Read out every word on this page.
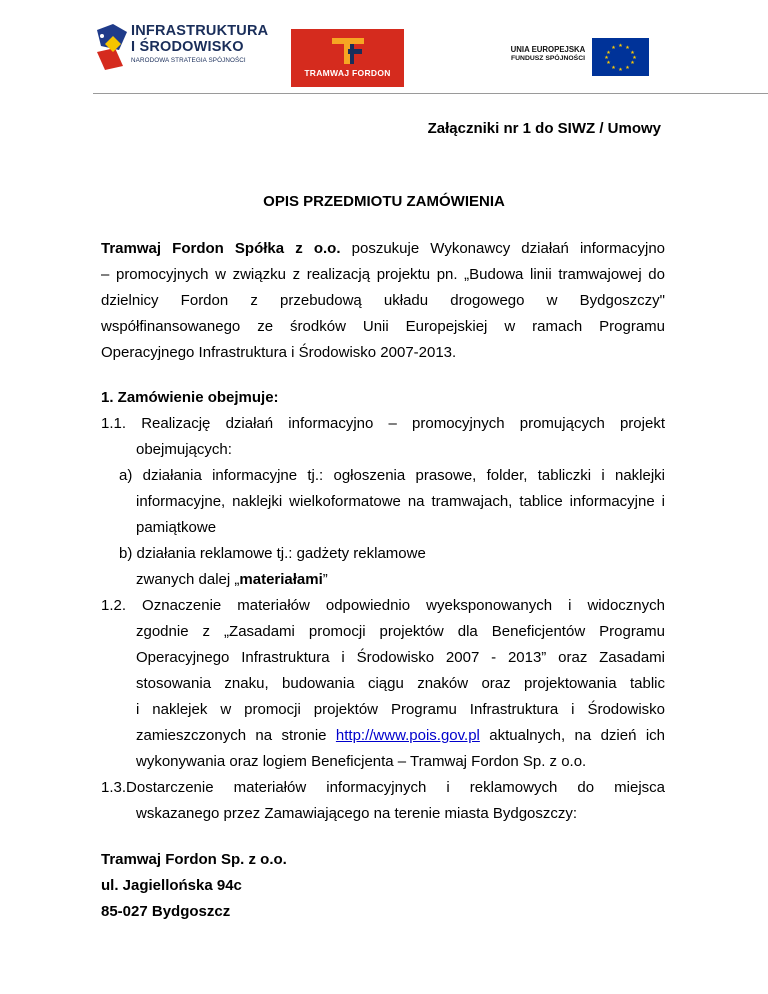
INFRASTRUKTURA
I ŚRODOWISKO
NARODOWA STRATEGIA SPÓJNOŚCI
TRAMWAJ FORDON
UNIA EUROPEJSKA
FUNDUSZ SPÓJNOŚCI
★ ★
★
★
★
★
★
★
★
★
★
★
Załączniki nr 1 do SIWZ / Umowy
OPIS PRZEDMIOTU ZAMÓWIENIA
Tramwaj Fordon Spółka z o.o. poszukuje Wykonawcy działań informacyjno
– promocyjnych w związku z realizacją projektu pn. „Budowa linii tramwajowej do
dzielnicy Fordon z przebudową układu drogowego w Bydgoszczy"
współfinansowanego ze środków Unii Europejskiej w ramach Programu
Operacyjnego Infrastruktura i Środowisko 2007-2013.
1. Zamówienie obejmuje:
1.1. Realizację działań informacyjno – promocyjnych promujących projekt
obejmujących:
a) działania informacyjne tj.: ogłoszenia prasowe, folder, tabliczki i naklejki
informacyjne, naklejki wielkoformatowe na tramwajach, tablice informacyjne i
pamiątkowe
b) działania reklamowe tj.: gadżety reklamowe
zwanych dalej „materiałami”
1.2. Oznaczenie materiałów odpowiednio wyeksponowanych i widocznych
zgodnie z „Zasadami promocji projektów dla Beneficjentów Programu
Operacyjnego Infrastruktura i Środowisko 2007 - 2013” oraz Zasadami
stosowania znaku, budowania ciągu znaków oraz projektowania tablic
i naklejek w promocji projektów Programu Infrastruktura i Środowisko
zamieszczonych na stronie http://www.pois.gov.pl aktualnych, na dzień ich
wykonywania oraz logiem Beneficjenta – Tramwaj Fordon Sp. z o.o.
1.3.Dostarczenie materiałów informacyjnych i reklamowych do miejsca
wskazanego przez Zamawiającego na terenie miasta Bydgoszczy:
Tramwaj Fordon Sp. z o.o.
ul. Jagiellońska 94c
85-027 Bydgoszcz
